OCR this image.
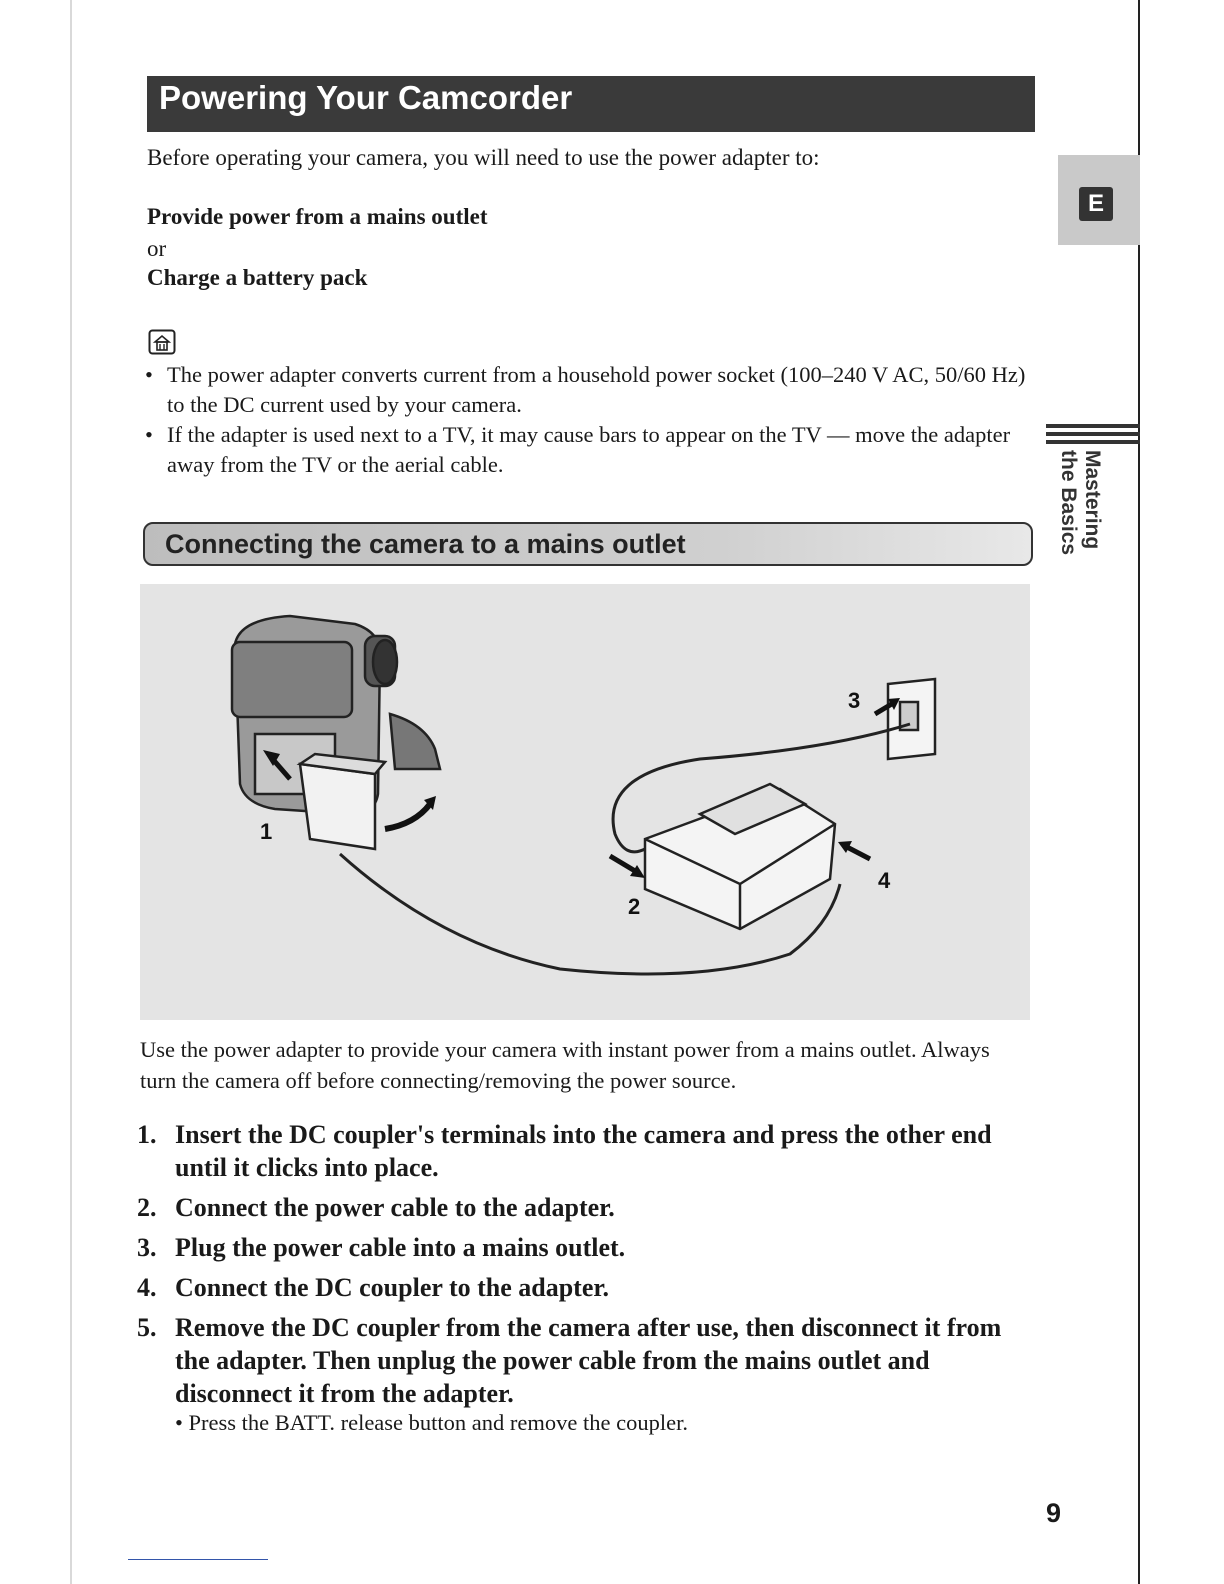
Powering Your Camcorder
Before operating your camera, you will need to use the power adapter to:
Provide power from a mains outlet
or
Charge a battery pack
• The power adapter converts current from a household power socket (100–240 V AC, 50/60 Hz) to the DC current used by your camera.
• If the adapter is used next to a TV, it may cause bars to appear on the TV — move the adapter away from the TV or the aerial cable.
Connecting the camera to a mains outlet
1
2
3
4
Use the power adapter to provide your camera with instant power from a mains outlet. Always turn the camera off before connecting/removing the power source.
1. Insert the DC coupler's terminals into the camera and press the other end until it clicks into place.
2. Connect the power cable to the adapter.
3. Plug the power cable into a mains outlet.
4. Connect the DC coupler to the adapter.
5. Remove the DC coupler from the camera after use, then disconnect it from the adapter. Then unplug the power cable from the mains outlet and disconnect it from the adapter.
• Press the BATT. release button and remove the coupler.
E
Mastering
the Basics
9
